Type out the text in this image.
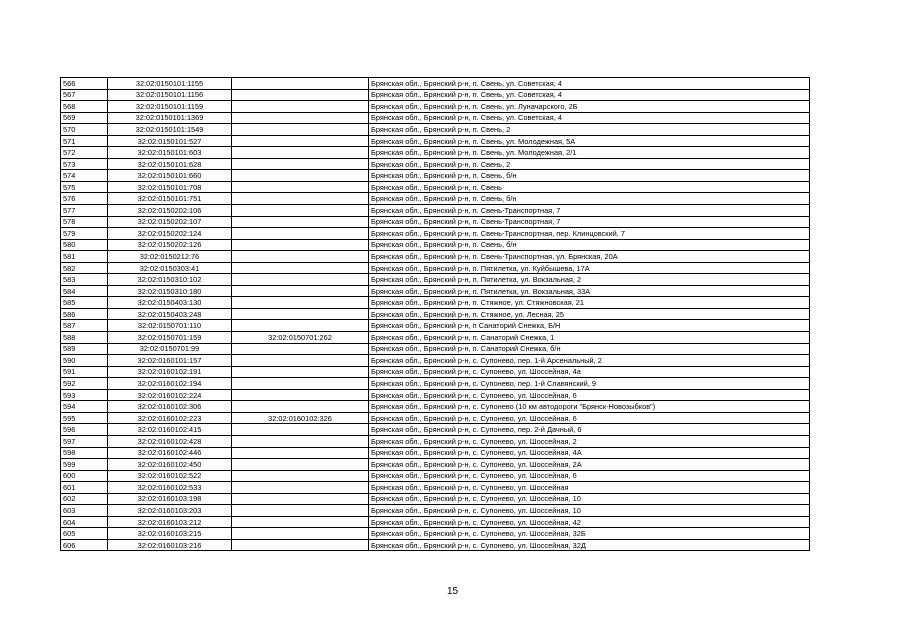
566	32:02:0150101:1155		Брянская обл., Брянский р-н, п. Свень, ул. Советская, 4
567	32:02:0150101:1156		Брянская обл., Брянский р-н, п. Свень, ул. Советская, 4
568	32:02:0150101:1159		Брянская обл., Брянский р-н, п. Свень, ул. Луначарского, 2Б
569	32:02:0150101:1369		Брянская обл., Брянский р-н, п. Свень, ул. Советская, 4
570	32:02:0150101:1549		Брянская обл., Брянский р-н, п. Свень, 2
571	32:02:0150101:527		Брянская обл., Брянский р-н, п. Свень, ул. Молодежная, 5А
572	32:02:0150101:603		Брянская обл., Брянский р-н, п. Свень, ул. Молодежная, 2/1
573	32:02:0150101:628		Брянская обл., Брянский р-н, п. Свень, 2
574	32:02:0150101:660		Брянская обл., Брянский р-н, п. Свень, б/н
575	32:02:0150101:708		Брянская обл., Брянский р-н, п. Свень
576	32:02:0150101:751		Брянская обл., Брянский р-н, п. Свень, б/н
577	32:02:0150202:106		Брянская обл., Брянский р-н, п. Свень-Транспортная, 7
578	32:02:0150202:107		Брянская обл., Брянский р-н, п. Свень-Транспортная, 7
579	32:02:0150202:124		Брянская обл., Брянский р-н, п. Свень-Транспортная, пер. Клинцовский, 7
580	32:02:0150202:126		Брянская обл., Брянский р-н, п. Свень, б/н
581	32:02:0150212:76		Брянская обл., Брянский р-н, п. Свень-Транспортная, ул. Брянская, 20А
582	32:02:0150303:41		Брянская обл., Брянский р-н, п. Пятилетка, ул. Куйбышева, 17А
583	32:02:0150310:102		Брянская обл., Брянский р-н, п. Пятилетка, ул. Вокзальная, 2
584	32:02:0150310:180		Брянская обл., Брянский р-н, п. Пятилетка, ул. Вокзальная, 33А
585	32:02:0150403:130		Брянская обл., Брянский р-н, п. Стяжное, ул. Стяжновская, 21
586	32:02:0150403:248		Брянская обл., Брянский р-н, п. Стяжное, ул. Лесная, 25
587	32:02:0150701:110		Брянская обл., Брянский р-н, п Санаторий Снежка, Б/Н
588	32:02:0150701:159	32:02:0150701:262	Брянская обл., Брянский р-н, п. Санаторий Снежка, 1
589	32:02:0150701:99		Брянская обл., Брянский р-н, п. Санаторий Снежка, б/н
590	32:02:0160101:157		Брянская обл., Брянский р-н, с. Супонево, пер. 1-й Арсенальный, 2
591	32:02:0160102:191		Брянская обл., Брянский р-н, с. Супонево, ул. Шоссейная, 4а
592	32:02:0160102:194		Брянская обл., Брянский р-н, с. Супонево, пер. 1-й Славянский, 9
593	32:02:0160102:224		Брянская обл., Брянский р-н, с. Супонево, ул. Шоссейная, 6
594	32:02:0160102:306		Брянская обл., Брянский р-н, с. Супонево (10 км автодороги "Брянск-Новозыбков")
595	32:02:0160102:223	32:02:0160102:326	Брянская обл., Брянский р-н, с. Супонево, ул. Шоссейная, 6
596	32:02:0160102:415		Брянская обл., Брянский р-н, с. Супонево, пер. 2-й Дачный, 6
597	32:02:0160102:428		Брянская обл., Брянский р-н, с. Супонево, ул. Шоссейная, 2
598	32:02:0160102:446		Брянская обл., Брянский р-н, с. Супонево, ул. Шоссейная, 4А
599	32:02:0160102:450		Брянская обл., Брянский р-н, с. Супонево, ул. Шоссейная, 2А
600	32:02:0160102:522		Брянская обл., Брянский р-н, с. Супонево, ул. Шоссейная, 6
601	32:02:0160102:533		Брянская обл., Брянский р-н, с. Супонево, ул. Шоссейная
602	32:02:0160103:198		Брянская обл., Брянский р-н, с. Супонево, ул. Шоссейная, 10
603	32:02:0160103:203		Брянская обл., Брянский р-н, с. Супонево, ул. Шоссейная, 10
604	32:02:0160103:212		Брянская обл., Брянский р-н, с. Супонево, ул. Шоссейная, 42
605	32:02:0160103:215		Брянская обл., Брянский р-н, с. Супонево, ул. Шоссейная, 32Б
606	32:02:0160103:216		Брянская обл., Брянский р-н, с. Супонево, ул. Шоссейная, 32Д
15
